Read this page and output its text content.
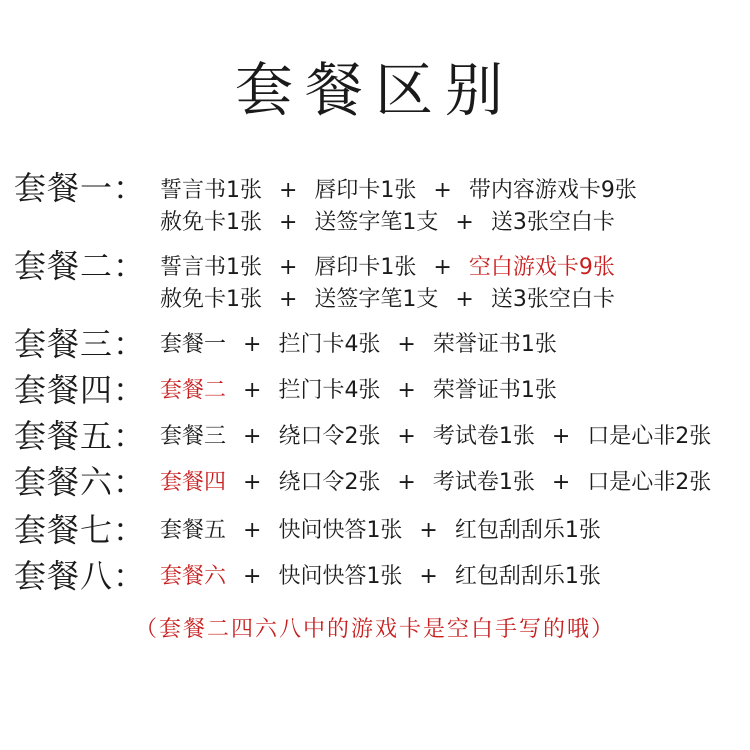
套餐区别
套餐一： 誓言书1张 + 唇印卡1张 + 带内容游戏卡9张
赦免卡1张 + 送签字笔1支 + 送3张空白卡
套餐二： 誓言书1张 + 唇印卡1张 + 空白游戏卡9张
赦免卡1张 + 送签字笔1支 + 送3张空白卡
套餐三： 套餐一 + 拦门卡4张 + 荣誉证书1张
套餐四： 套餐二 + 拦门卡4张 + 荣誉证书1张
套餐五： 套餐三 + 绕口令2张 + 考试卷1张 + 口是心非2张
套餐六： 套餐四 + 绕口令2张 + 考试卷1张 + 口是心非2张
套餐七： 套餐五 + 快问快答1张 + 红包刮刮乐1张
套餐八： 套餐六 + 快问快答1张 + 红包刮刮乐1张
（套餐二四六八中的游戏卡是空白手写的哦）
